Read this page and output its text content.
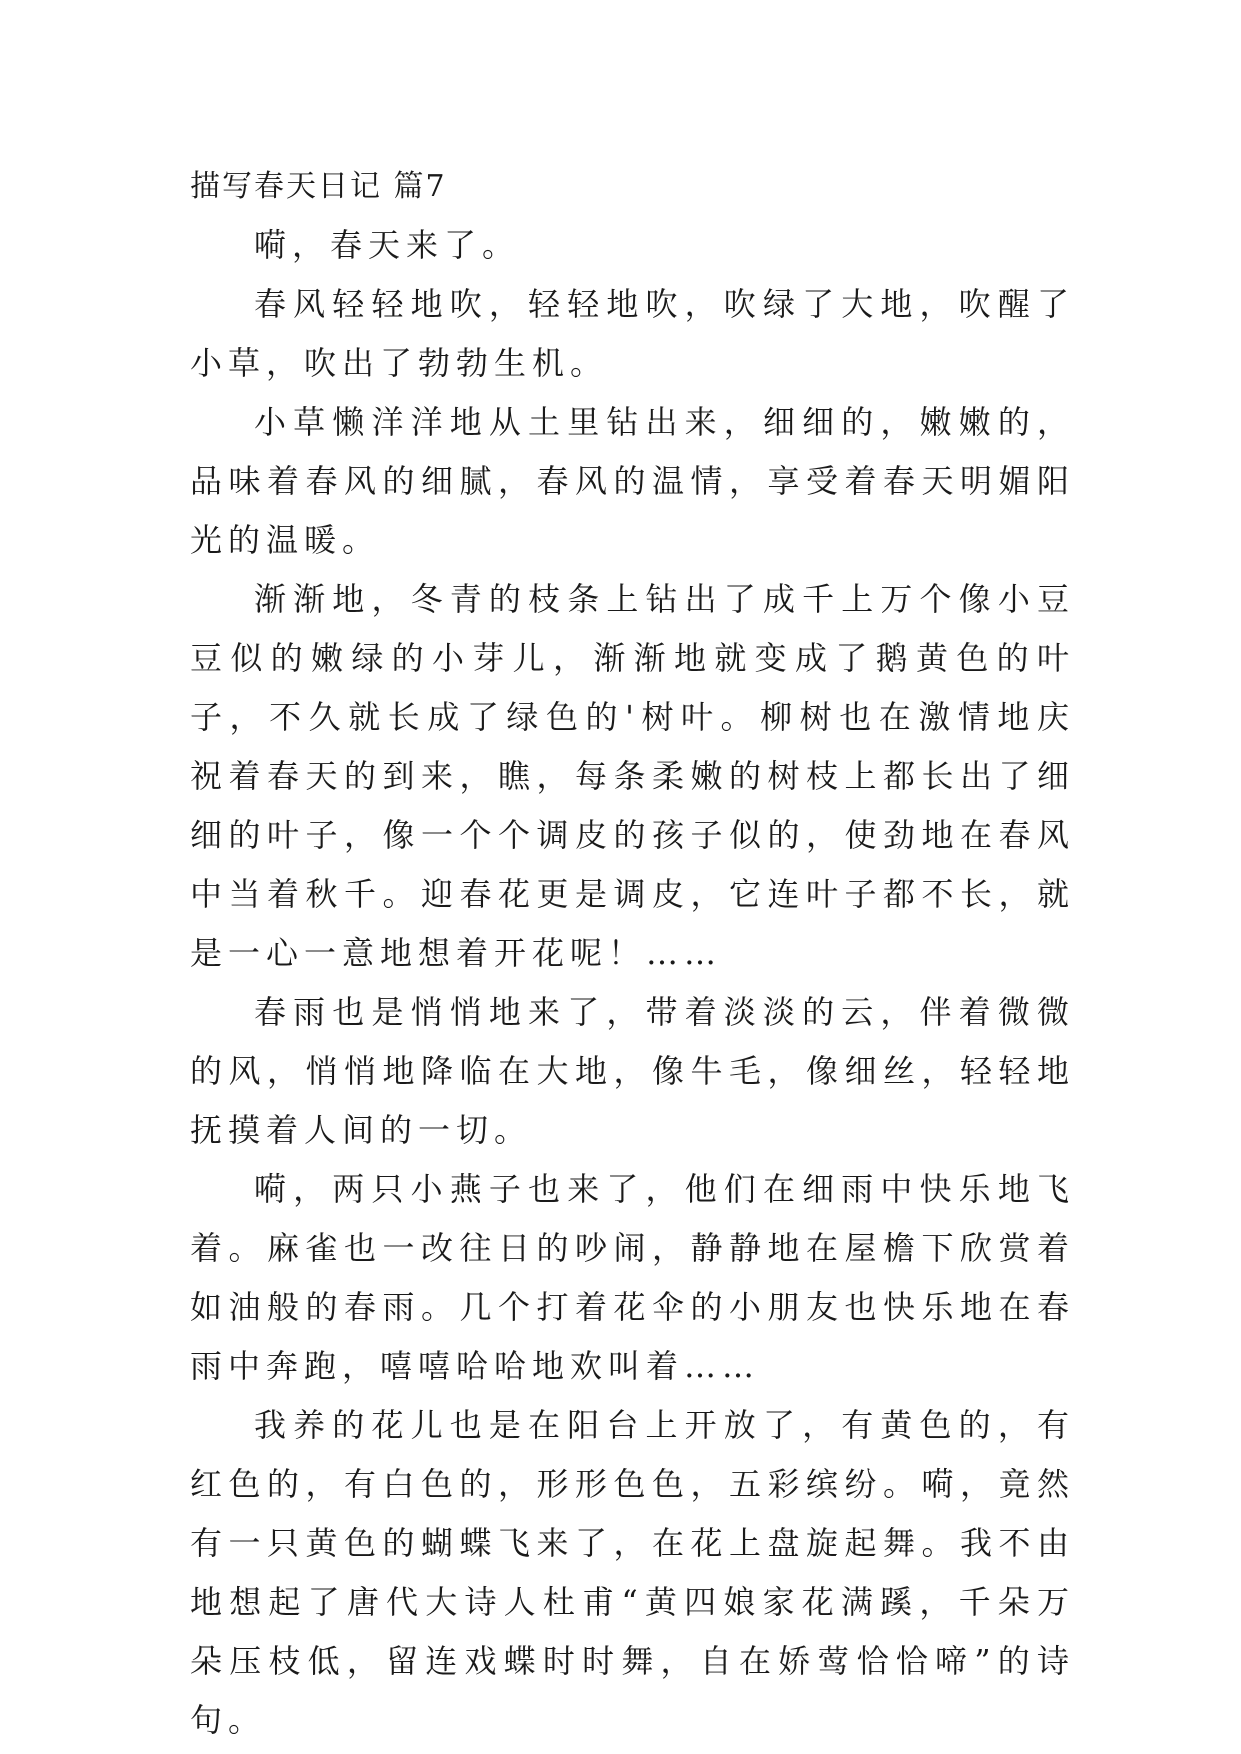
描写春天日记 篇7

嗬，春天来了。

春风轻轻地吹，轻轻地吹，吹绿了大地，吹醒了小草，吹出了勃勃生机。

小草懒洋洋地从土里钻出来，细细的，嫩嫩的，品味着春风的细腻，春风的温情，享受着春天明媚阳光的温暖。

渐渐地，冬青的枝条上钻出了成千上万个像小豆豆似的嫩绿的小芽儿，渐渐地就变成了鹅黄色的叶子，不久就长成了绿色的'树叶。柳树也在激情地庆祝着春天的到来，瞧，每条柔嫩的树枝上都长出了细细的叶子，像一个个调皮的孩子似的，使劲地在春风中当着秋千。迎春花更是调皮，它连叶子都不长，就是一心一意地想着开花呢！……

春雨也是悄悄地来了，带着淡淡的云，伴着微微的风，悄悄地降临在大地，像牛毛，像细丝，轻轻地抚摸着人间的一切。

嗬，两只小燕子也来了，他们在细雨中快乐地飞着。麻雀也一改往日的吵闹，静静地在屋檐下欣赏着如油般的春雨。几个打着花伞的小朋友也快乐地在春雨中奔跑，嘻嘻哈哈地欢叫着……

我养的花儿也是在阳台上开放了，有黄色的，有红色的，有白色的，形形色色，五彩缤纷。嗬，竟然有一只黄色的蝴蝶飞来了，在花上盘旋起舞。我不由地想起了唐代大诗人杜甫“黄四娘家花满蹊，千朵万朵压枝低，留连戏蝶时时舞，自在娇莺恰恰啼”的诗句。
